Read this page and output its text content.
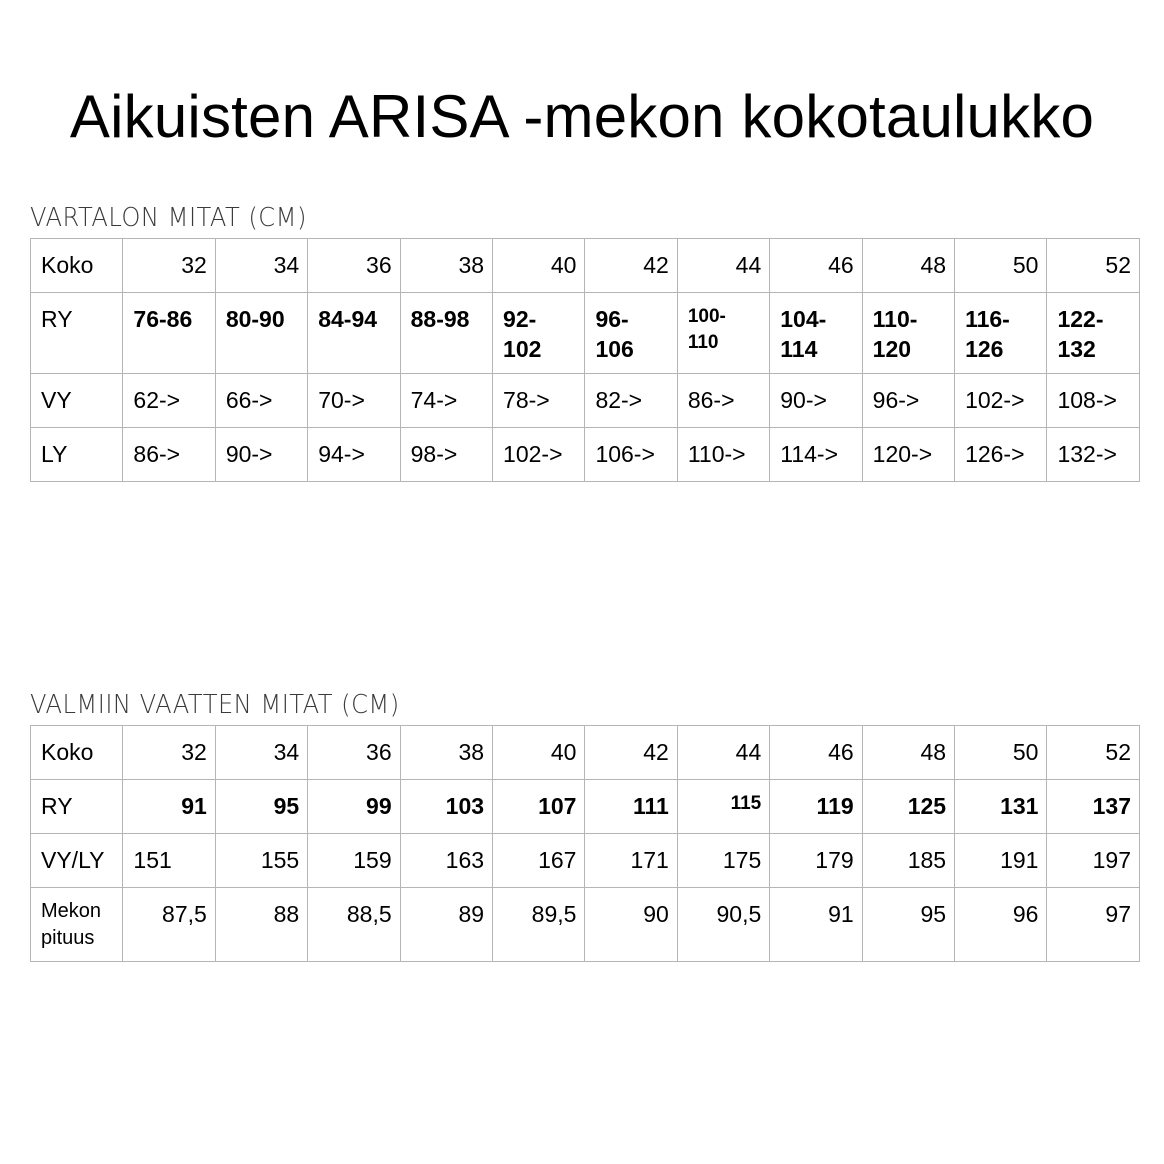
Aikuisten ARISA -mekon kokotaulukko
VARTALON MITAT (CM)
Koko	32	34	36	38	40	42	44	46	48	50	52
RY	76-86	80-90	84-94	88-98	92- 102	96- 106	100- 110	104- 114	110- 120	116- 126	122- 132
VY	62->	66->	70->	74->	78->	82->	86->	90->	96->	102->	108->
LY	86->	90->	94->	98->	102->	106->	110->	114->	120->	126->	132->
VALMIIN VAATTEN MITAT (CM)
Koko	32	34	36	38	40	42	44	46	48	50	52
RY	91	95	99	103	107	111	115	119	125	131	137
VY/LY	151	155	159	163	167	171	175	179	185	191	197
Mekon pituus	87,5	88	88,5	89	89,5	90	90,5	91	95	96	97
